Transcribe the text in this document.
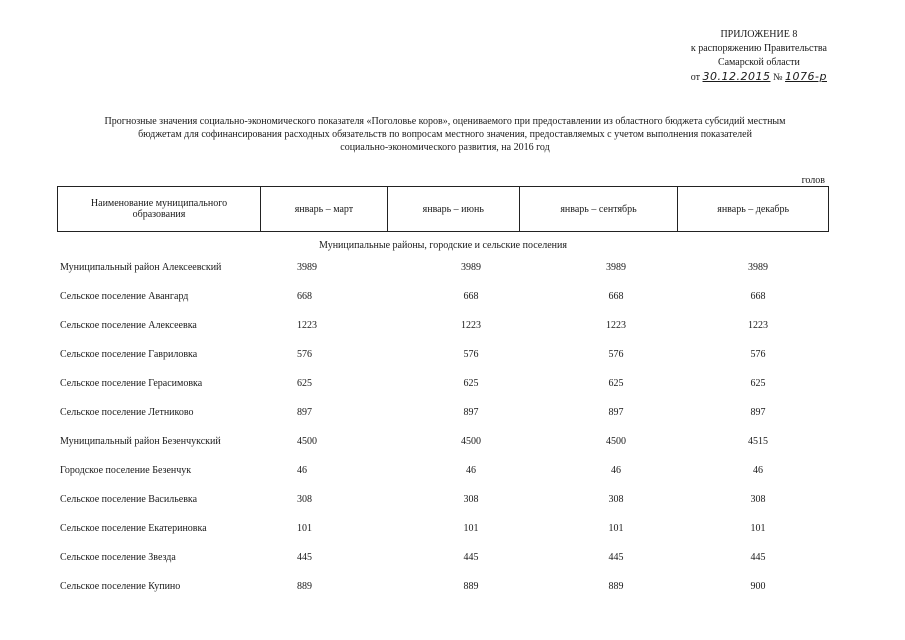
ПРИЛОЖЕНИЕ 8
к распоряжению Правительства
Самарской области
от 30.12.2015 № 1076-р
Прогнозные значения социально-экономического показателя «Поголовье коров», оцениваемого при предоставлении из областного бюджета субсидий местным
бюджетам для софинансирования расходных обязательств по вопросам местного значения, предоставляемых с учетом выполнения показателей
социально-экономического развития, на 2016 год
голов
Наименование муниципального образования	январь – март	январь – июнь	январь – сентябрь	январь – декабрь
Муниципальные районы, городские и сельские поселения
Муниципальный район Алексеевский	3989	3989	3989	3989
Сельское поселение Авангард	668	668	668	668
Сельское поселение Алексеевка	1223	1223	1223	1223
Сельское поселение Гавриловка	576	576	576	576
Сельское поселение Герасимовка	625	625	625	625
Сельское поселение Летниково	897	897	897	897
Муниципальный район Безенчукский	4500	4500	4500	4515
Городское поселение Безенчук	46	46	46	46
Сельское поселение Васильевка	308	308	308	308
Сельское поселение Екатериновка	101	101	101	101
Сельское поселение Звезда	445	445	445	445
Сельское поселение Купино	889	889	889	900
